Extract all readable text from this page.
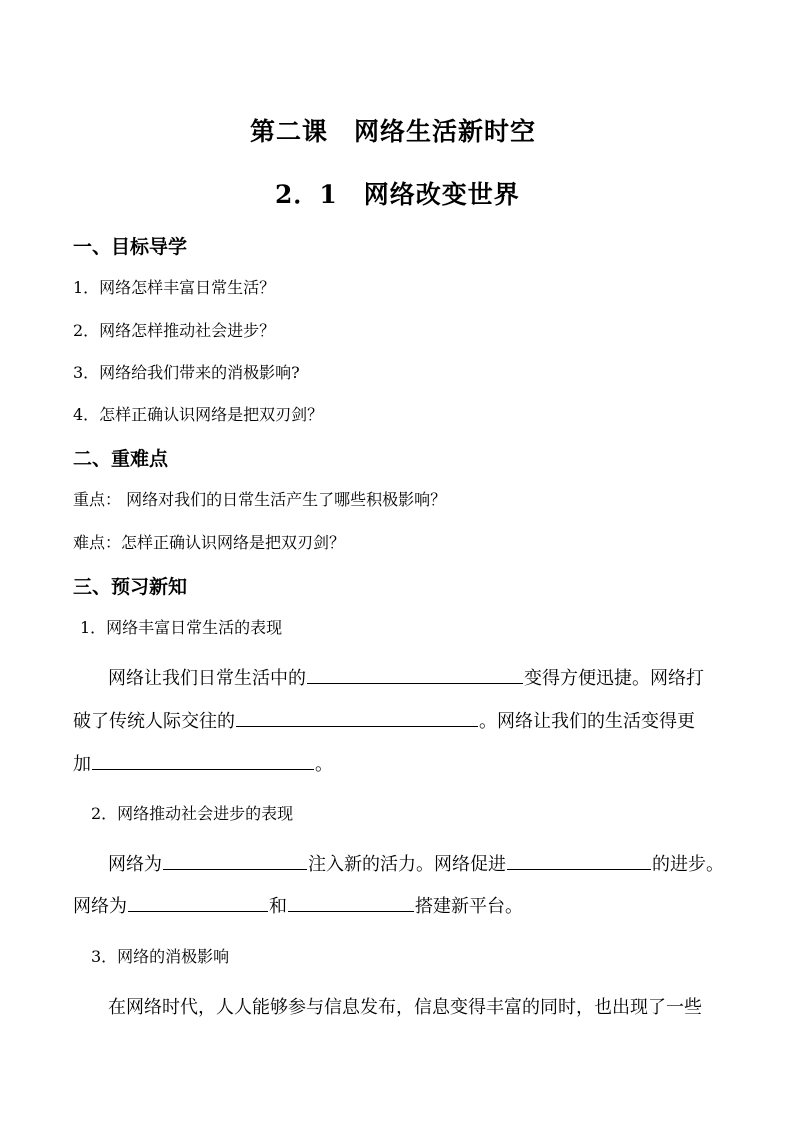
第二课　网络生活新时空
2．1　网络改变世界
一、目标导学
1．网络怎样丰富日常生活？
2．网络怎样推动社会进步？
3．网络给我们带来的消极影响?
4．怎样正确认识网络是把双刃剑？
二、重难点
重点： 网络对我们的日常生活产生了哪些积极影响？
难点：怎样正确认识网络是把双刃剑？
三、预习新知
1．网络丰富日常生活的表现
网络让我们日常生活中的	变得方便迅捷。网络打
破了传统人际交往的	。网络让我们的生活变得更
加	。
2．网络推动社会进步的表现
网络为	注入新的活力。网络促进	的进步。
网络为	和	搭建新平台。
3．网络的消极影响
在网络时代，人人能够参与信息发布，信息变得丰富的同时，也出现了一些
